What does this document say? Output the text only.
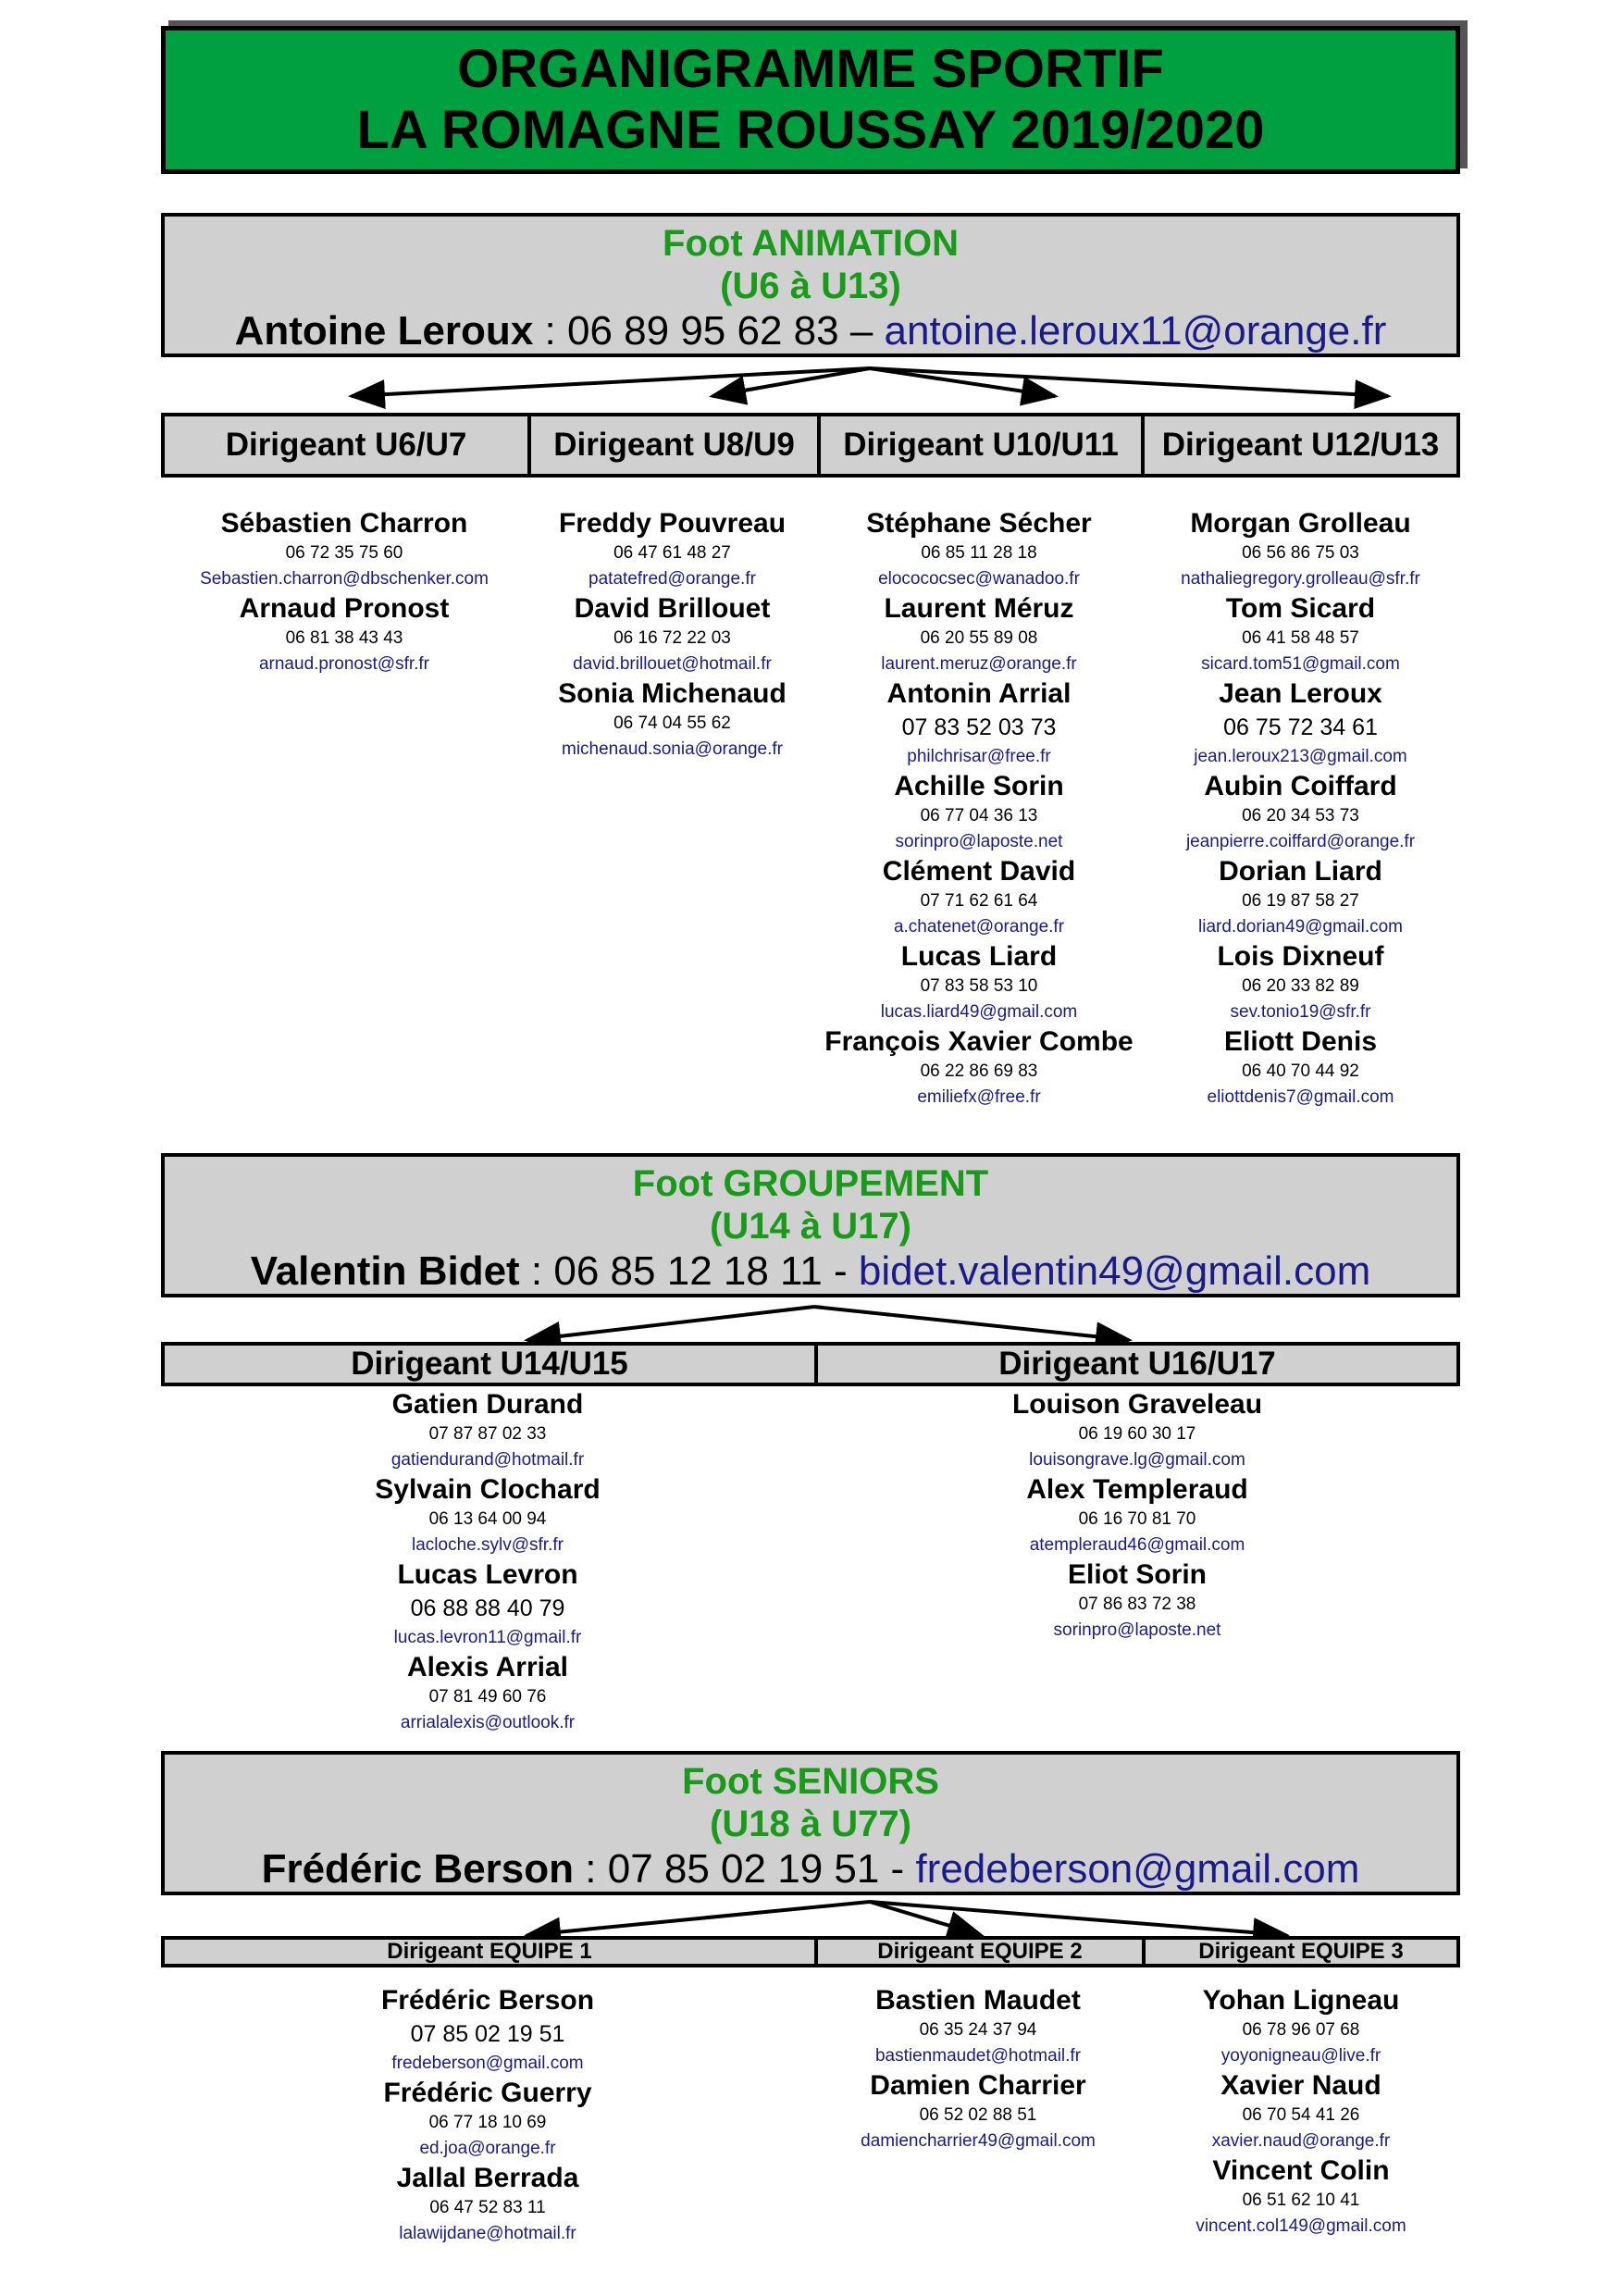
ORGANIGRAMME SPORTIF
LA ROMAGNE ROUSSAY 2019/2020
Foot ANIMATION
(U6 à U13)
Antoine Leroux : 06 89 95 62 83 – antoine.leroux11@orange.fr
Dirigeant U6/U7	Dirigeant U8/U9	Dirigeant U10/U11	Dirigeant U12/U13
Sébastien Charron
06 72 35 75 60
Sebastien.charron@dbschenker.com
Arnaud Pronost
06 81 38 43 43
arnaud.pronost@sfr.fr
Freddy Pouvreau
06 47 61 48 27
patatefred@orange.fr
David Brillouet
06 16 72 22 03
david.brillouet@hotmail.fr
Sonia Michenaud
06 74 04 55 62
michenaud.sonia@orange.fr
Stéphane Sécher
06 85 11 28 18
elocococsec@wanadoo.fr
Laurent Méruz
06 20 55 89 08
laurent.meruz@orange.fr
Antonin Arrial
07 83 52 03 73
philchrisar@free.fr
Achille Sorin
06 77 04 36 13
sorinpro@laposte.net
Clément David
07 71 62 61 64
a.chatenet@orange.fr
Lucas Liard
07 83 58 53 10
lucas.liard49@gmail.com
François Xavier Combe
06 22 86 69 83
emiliefx@free.fr
Morgan Grolleau
06 56 86 75 03
nathaliegregory.grolleau@sfr.fr
Tom Sicard
06 41 58 48 57
sicard.tom51@gmail.com
Jean Leroux
06 75 72 34 61
jean.leroux213@gmail.com
Aubin Coiffard
06 20 34 53 73
jeanpierre.coiffard@orange.fr
Dorian Liard
06 19 87 58 27
liard.dorian49@gmail.com
Lois Dixneuf
06 20 33 82 89
sev.tonio19@sfr.fr
Eliott Denis
06 40 70 44 92
eliottdenis7@gmail.com
Foot GROUPEMENT
(U14 à U17)
Valentin Bidet : 06 85 12 18 11 - bidet.valentin49@gmail.com
Dirigeant U14/U15	Dirigeant U16/U17
Gatien Durand
07 87 87 02 33
gatiendurand@hotmail.fr
Sylvain Clochard
06 13 64 00 94
lacloche.sylv@sfr.fr
Lucas Levron
06 88 88 40 79
lucas.levron11@gmail.fr
Alexis Arrial
07 81 49 60 76
arrialalexis@outlook.fr
Louison Graveleau
06 19 60 30 17
louisongrave.lg@gmail.com
Alex Templeraud
06 16 70 81 70
atempleraud46@gmail.com
Eliot Sorin
07 86 83 72 38
sorinpro@laposte.net
Foot SENIORS
(U18 à U77)
Frédéric Berson : 07 85 02 19 51 - fredeberson@gmail.com
Dirigeant EQUIPE 1	Dirigeant EQUIPE 2	Dirigeant EQUIPE 3
Frédéric Berson
07 85 02 19 51
fredeberson@gmail.com
Frédéric Guerry
06 77 18 10 69
ed.joa@orange.fr
Jallal Berrada
06 47 52 83 11
lalawijdane@hotmail.fr
Bastien Maudet
06 35 24 37 94
bastienmaudet@hotmail.fr
Damien Charrier
06 52 02 88 51
damiencharrier49@gmail.com
Yohan Ligneau
06 78 96 07 68
yoyonigneau@live.fr
Xavier Naud
06 70 54 41 26
xavier.naud@orange.fr
Vincent Colin
06 51 62 10 41
vincent.col149@gmail.com
